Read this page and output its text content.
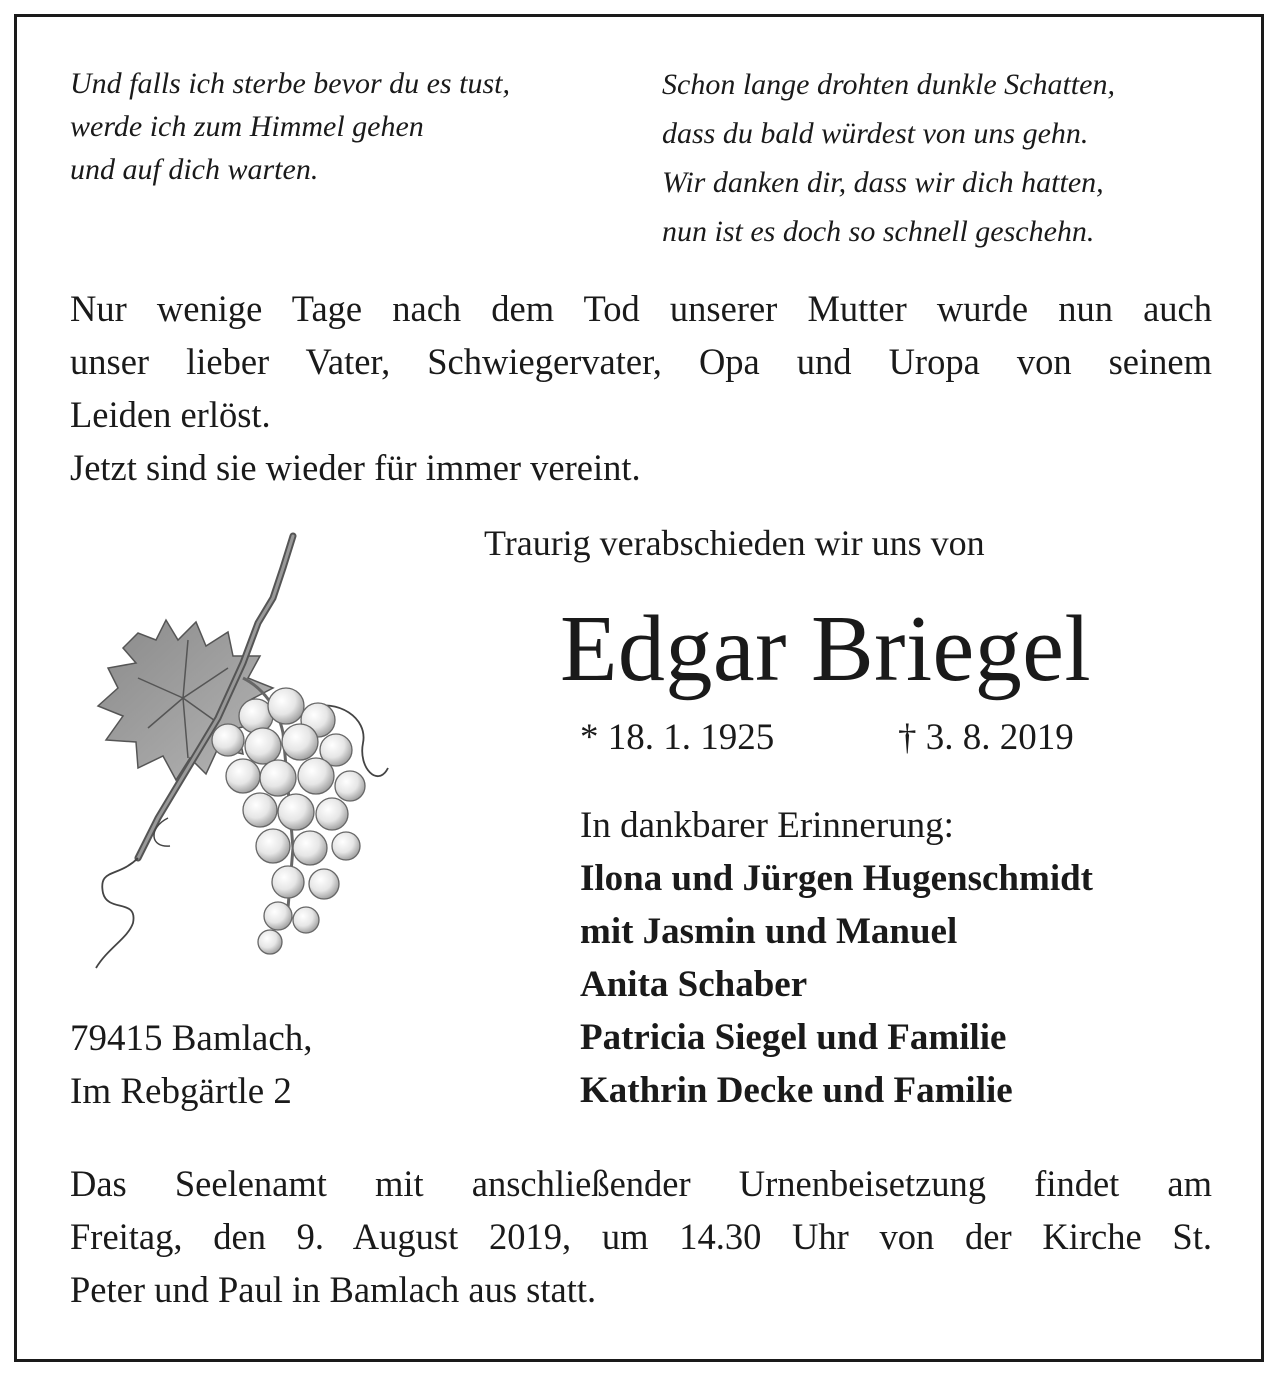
Und falls ich sterbe bevor du es tust,
werde ich zum Himmel gehen
und auf dich warten.
Schon lange drohten dunkle Schatten,
dass du bald würdest von uns gehn.
Wir danken dir, dass wir dich hatten,
nun ist es doch so schnell geschehn.
Nur wenige Tage nach dem Tod unserer Mutter wurde nun auch
unser lieber Vater, Schwiegervater, Opa und Uropa von seinem
Leiden erlöst.
Jetzt sind sie wieder für immer vereint.
Traurig verabschieden wir uns von
Edgar Briegel
* 18. 1. 1925	† 3. 8. 2019
In dankbarer Erinnerung:
Ilona und Jürgen Hugenschmidt
mit Jasmin und Manuel
Anita Schaber
Patricia Siegel und Familie
Kathrin Decke und Familie
79415 Bamlach,
Im Rebgärtle 2
Das Seelenamt mit anschließender Urnenbeisetzung findet am
Freitag, den 9. August 2019, um 14.30 Uhr von der Kirche St.
Peter und Paul in Bamlach aus statt.
